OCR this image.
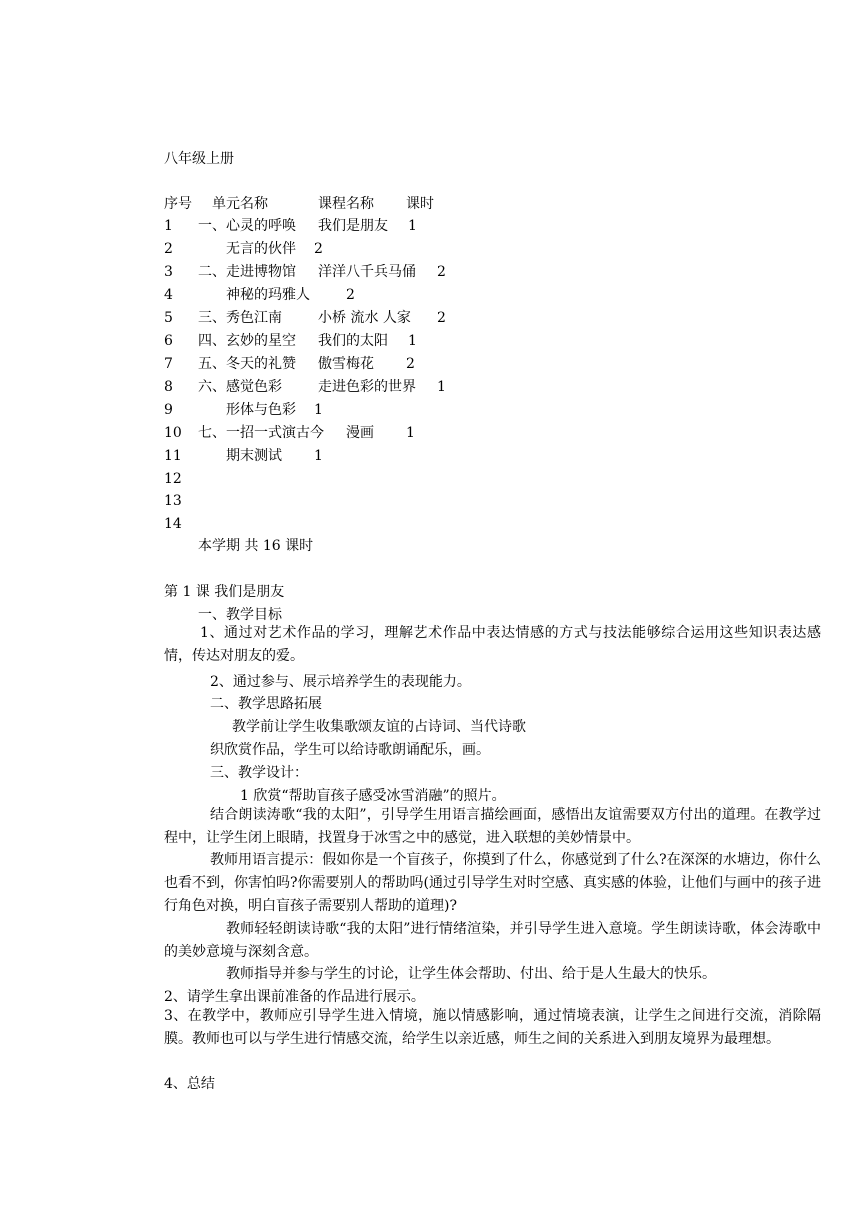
八年级上册
序号 单元名称	课程名称 课时
1 一、心灵的呼唤 我们是朋友 1
2	无言的伙伴 2
3 二、走进博物馆 洋洋八千兵马俑 2
4	神秘的玛雅人	2
5 三、秀色江南	小桥 流水 人家 2
6 四、玄妙的星空 我们的太阳 1
7 五、冬天的礼赞 傲雪梅花 2
8 六、感觉色彩	走进色彩的世界 1
9	形体与色彩 1
10 七、一招一式演古今 漫画 1
11	期末测试 1
12
13
14
本学期 共 16 课时
第 1 课 我们是朋友
一、教学目标
1、通过对艺术作品的学习，理解艺术作品中表达情感的方式与技法能够综合运用这些知识表达感情，传达对朋友的爱。
2、通过参与、展示培养学生的表现能力。
二、教学思路拓展
教学前让学生收集歌颂友谊的占诗词、当代诗歌
织欣赏作品，学生可以给诗歌朗诵配乐，画。
三、教学设计：
1 欣赏“帮助盲孩子感受冰雪消融”的照片。
结合朗读涛歌“我的太阳”，引导学生用语言描绘画面，感悟出友谊需要双方付出的道理。在教学过程中，让学生闭上眼睛，找置身于冰雪之中的感觉，进入联想的美妙情景中。
教师用语言提示：假如你是一个盲孩子，你摸到了什么，你感觉到了什么?在深深的水塘边，你什么也看不到，你害怕吗?你需要别人的帮助吗(通过引导学生对时空感、真实感的体验，让他们与画中的孩子进行角色对换，明白盲孩子需要别人帮助的道理)?
教师轻轻朗读诗歌“我的太阳”进行情绪渲染，并引导学生进入意境。学生朗读诗歌，体会涛歌中的美妙意境与深刻含意。
教师指导并参与学生的讨论，让学生体会帮助、付出、给于是人生最大的快乐。
2、请学生拿出课前准备的作品进行展示。
3、在教学中，教师应引导学生进入情境，施以情感影响，通过情境表演，让学生之间进行交流，消除隔膜。教师也可以与学生进行情感交流，给学生以亲近感，师生之间的关系进入到朋友境界为最理想。
4、总结
